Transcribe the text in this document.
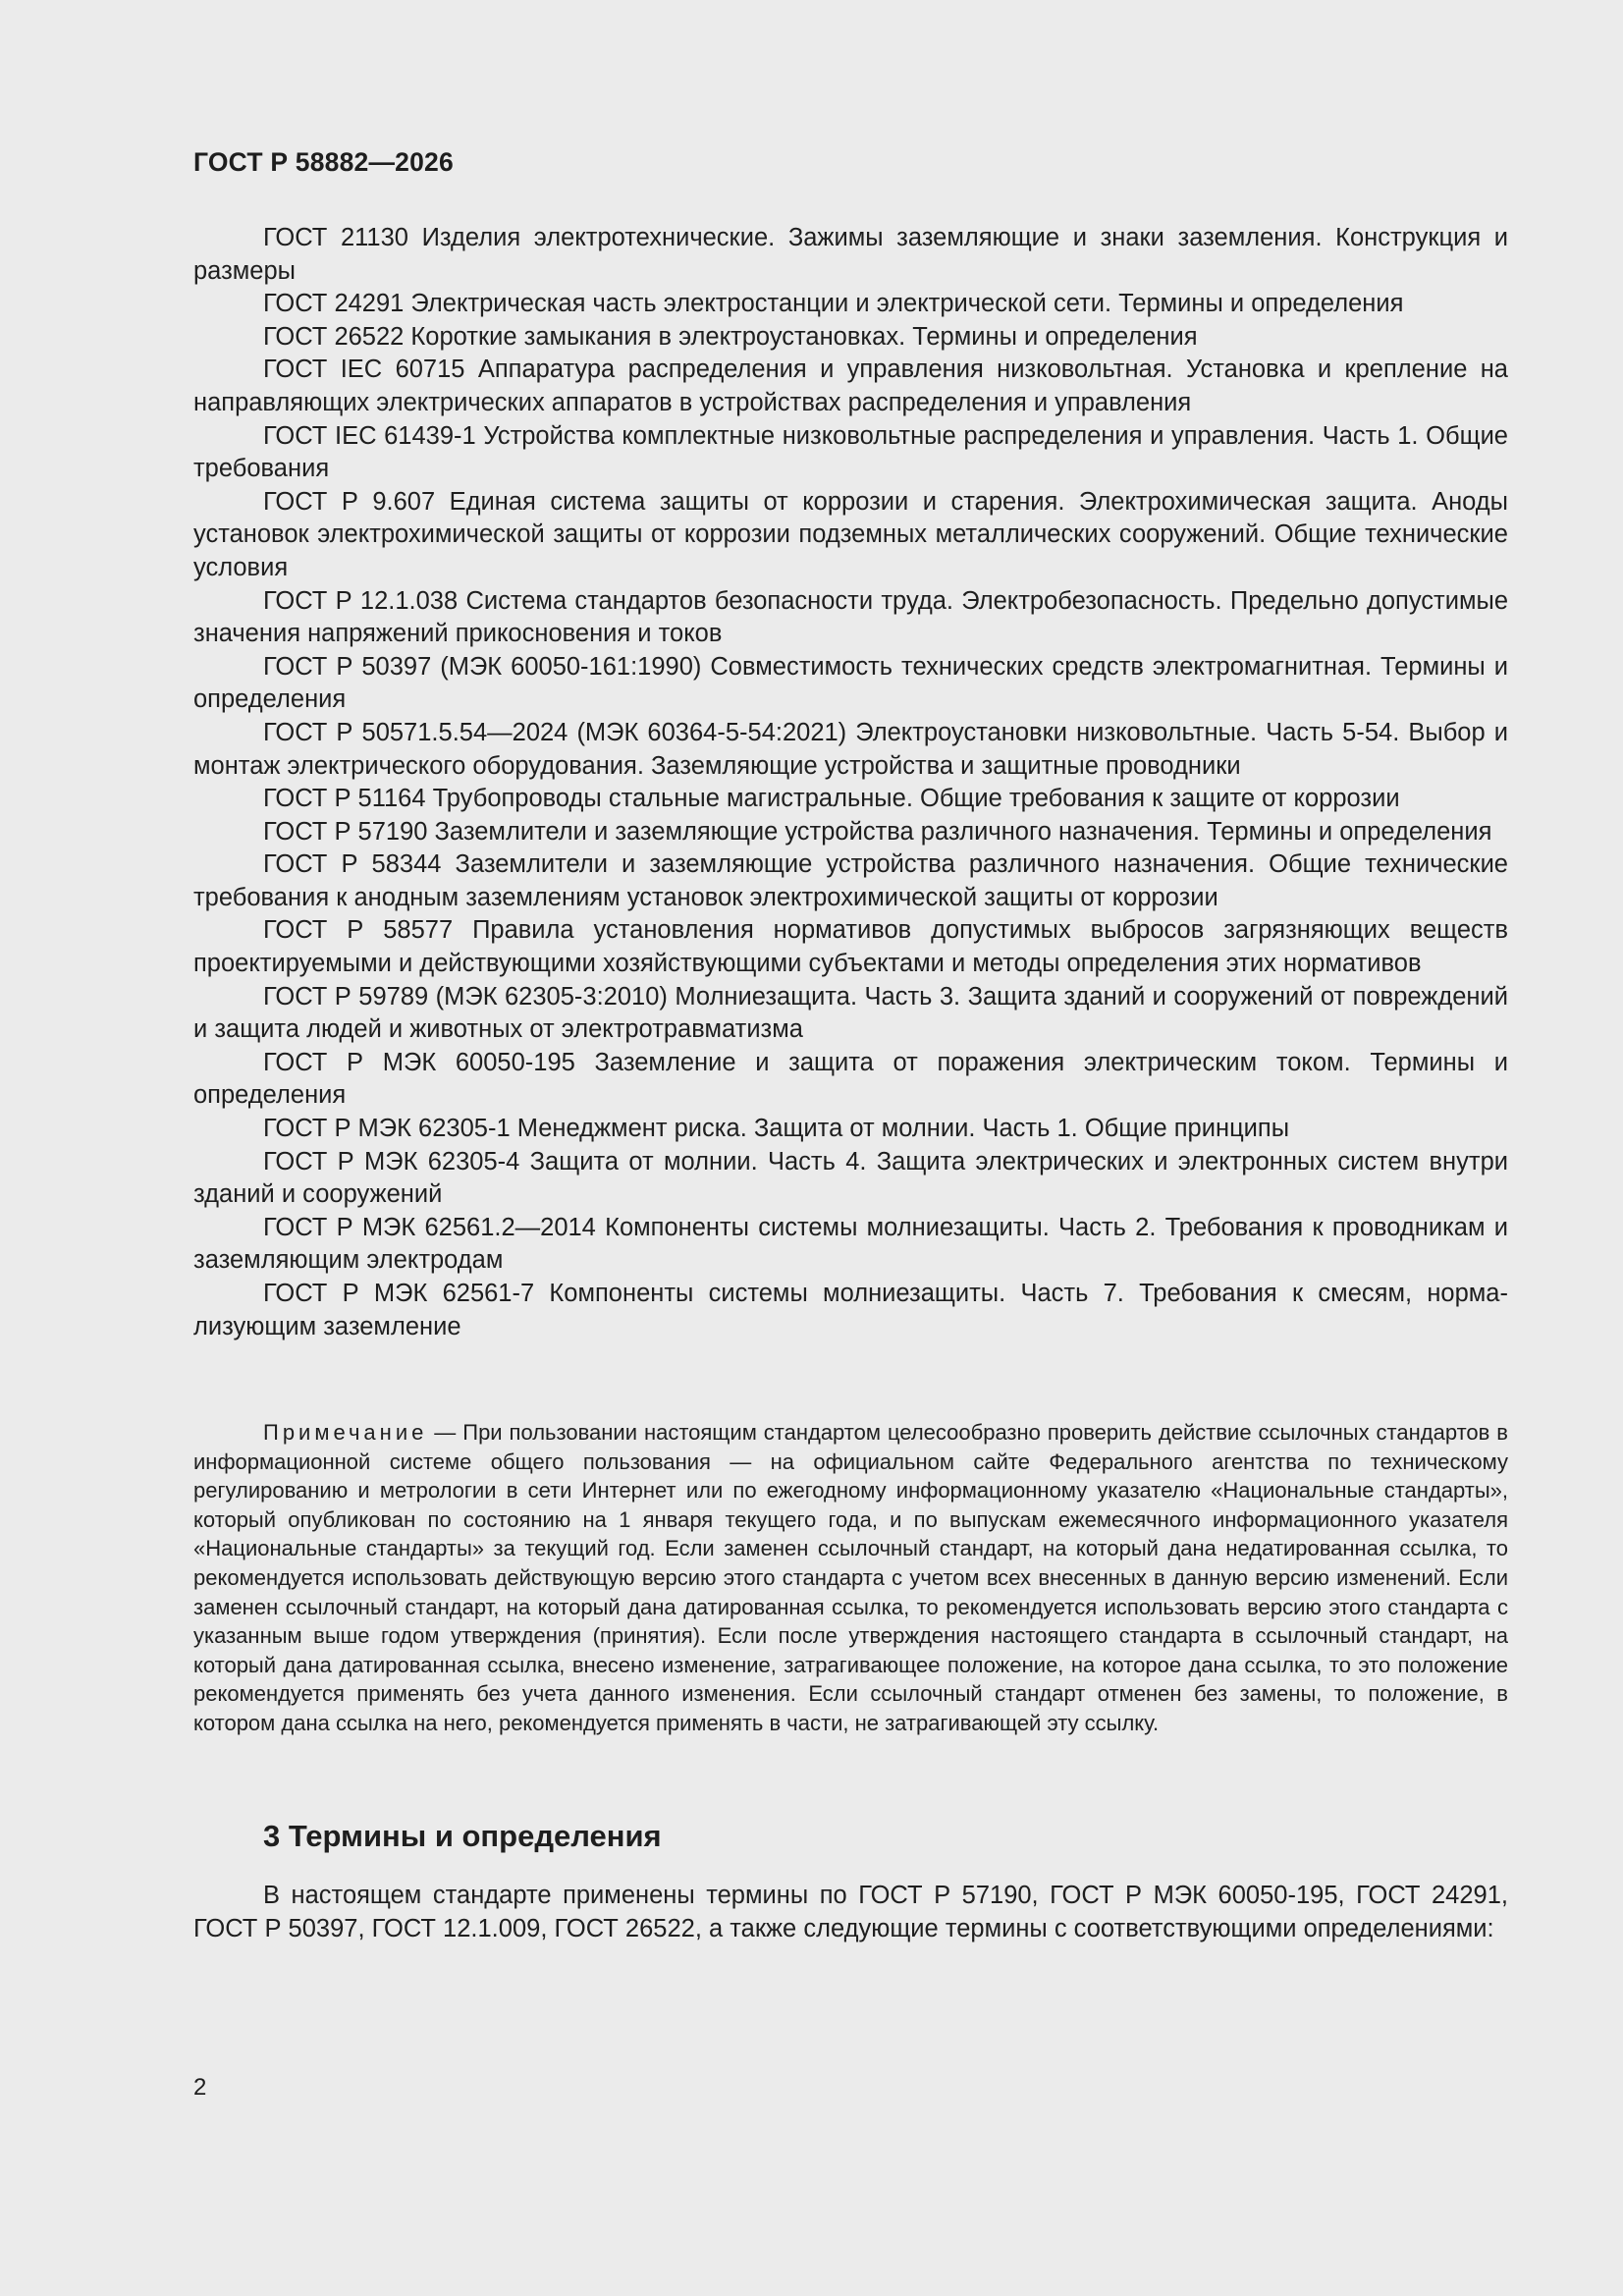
ГОСТ Р 58882—2026

ГОСТ 21130 Изделия электротехнические. Зажимы заземляющие и знаки заземления. Конструкция и размеры

ГОСТ 24291 Электрическая часть электростанции и электрической сети. Термины и определения

ГОСТ 26522 Короткие замыкания в электроустановках. Термины и определения

ГОСТ IEC 60715 Аппаратура распределения и управления низковольтная. Установка и крепление на направляющих электрических аппаратов в устройствах распределения и управления

ГОСТ IEC 61439-1 Устройства комплектные низковольтные распределения и управления. Часть 1. Общие требования

ГОСТ Р 9.607 Единая система защиты от коррозии и старения. Электрохимическая защита. Аноды установок электрохимической защиты от коррозии подземных металлических сооружений. Общие технические условия

ГОСТ Р 12.1.038 Система стандартов безопасности труда. Электробезопасность. Предельно допустимые значения напряжений прикосновения и токов

ГОСТ Р 50397 (МЭК 60050-161:1990) Совместимость технических средств электромагнитная. Термины и определения

ГОСТ Р 50571.5.54—2024 (МЭК 60364-5-54:2021) Электроустановки низковольтные. Часть 5-54. Выбор и монтаж электрического оборудования. Заземляющие устройства и защитные проводники

ГОСТ Р 51164 Трубопроводы стальные магистральные. Общие требования к защите от коррозии

ГОСТ Р 57190 Заземлители и заземляющие устройства различного назначения. Термины и определения

ГОСТ Р 58344 Заземлители и заземляющие устройства различного назначения. Общие технические требования к анодным заземлениям установок электрохимической защиты от коррозии

ГОСТ Р 58577 Правила установления нормативов допустимых выбросов загрязняющих веществ проектируемыми и действующими хозяйствующими субъектами и методы определения этих нормативов

ГОСТ Р 59789 (МЭК 62305-3:2010) Молниезащита. Часть 3. Защита зданий и сооружений от повреждений и защита людей и животных от электротравматизма

ГОСТ Р МЭК 60050-195 Заземление и защита от поражения электрическим током. Термины и определения

ГОСТ Р МЭК 62305-1 Менеджмент риска. Защита от молнии. Часть 1. Общие принципы

ГОСТ Р МЭК 62305-4 Защита от молнии. Часть 4. Защита электрических и электронных систем внутри зданий и сооружений

ГОСТ Р МЭК 62561.2—2014 Компоненты системы молниезащиты. Часть 2. Требования к проводникам и заземляющим электродам

ГОСТ Р МЭК 62561-7 Компоненты системы молниезащиты. Часть 7. Требования к смесям, нормализующим заземление

Примечание — При пользовании настоящим стандартом целесообразно проверить действие ссылочных стандартов в информационной системе общего пользования — на официальном сайте Федерального агентства по техническому регулированию и метрологии в сети Интернет или по ежегодному информационному указателю «Национальные стандарты», который опубликован по состоянию на 1 января текущего года, и по выпускам ежемесячного информационного указателя «Национальные стандарты» за текущий год. Если заменен ссылочный стандарт, на который дана недатированная ссылка, то рекомендуется использовать действующую версию этого стандарта с учетом всех внесенных в данную версию изменений. Если заменен ссылочный стандарт, на который дана датированная ссылка, то рекомендуется использовать версию этого стандарта с указанным выше годом утверждения (принятия). Если после утверждения настоящего стандарта в ссылочный стандарт, на который дана датированная ссылка, внесено изменение, затрагивающее положение, на которое дана ссылка, то это положение рекомендуется применять без учета данного изменения. Если ссылочный стандарт отменен без замены, то положение, в котором дана ссылка на него, рекомендуется применять в части, не затрагивающей эту ссылку.

3 Термины и определения

В настоящем стандарте применены термины по ГОСТ Р 57190, ГОСТ Р МЭК 60050-195, ГОСТ 24291, ГОСТ Р 50397, ГОСТ 12.1.009, ГОСТ 26522, а также следующие термины с соответствующими определениями:

2
